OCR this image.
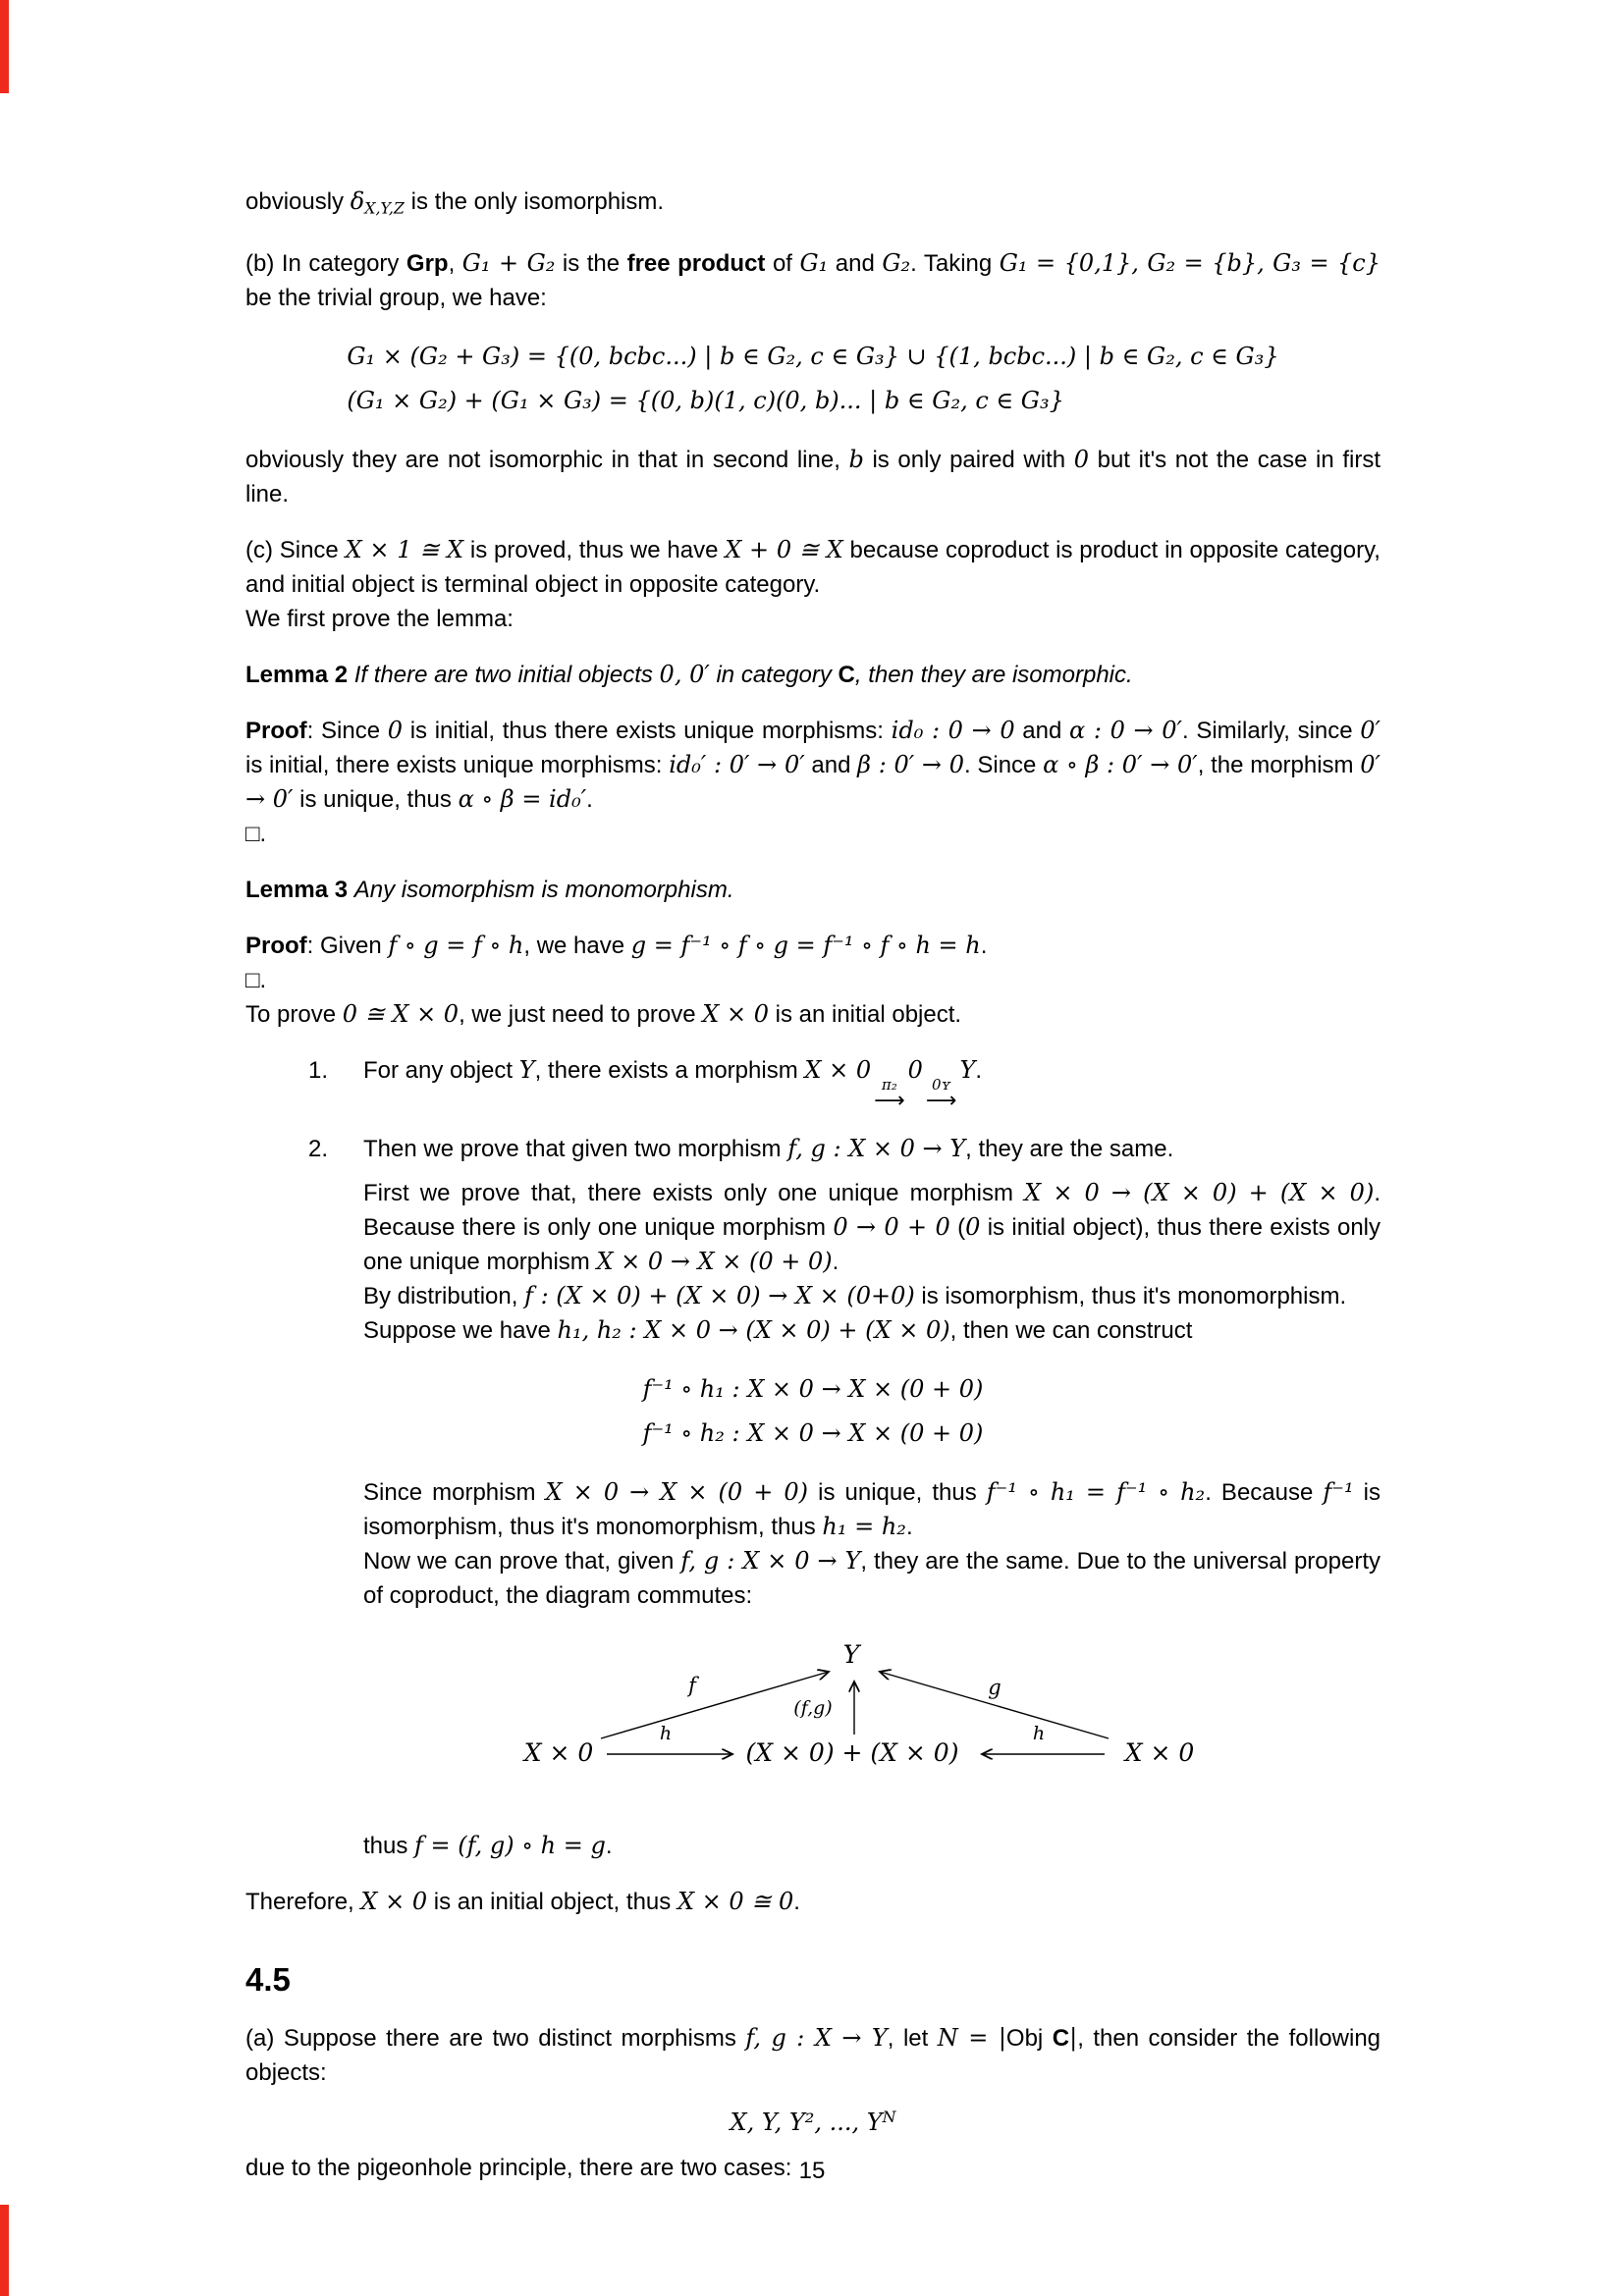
obviously δX,Y,Z is the only isomorphism.
(b) In category Grp, G₁ + G₂ is the free product of G₁ and G₂. Taking G₁ = {0,1}, G₂ = {b}, G₃ = {c} be the trivial group, we have:
G₁ × (G₂ + G₃) = {(0, bcbc...) | b ∈ G₂, c ∈ G₃} ∪ {(1, bcbc...) | b ∈ G₂, c ∈ G₃}
(G₁ × G₂) + (G₁ × G₃) = {(0, b)(1, c)(0, b)... | b ∈ G₂, c ∈ G₃}
obviously they are not isomorphic in that in second line, b is only paired with 0 but it's not the case in first line.
(c) Since X × 1 ≅ X is proved, thus we have X + 0 ≅ X because coproduct is product in opposite category, and initial object is terminal object in opposite category.
We first prove the lemma:
Lemma 2 If there are two initial objects 0, 0′ in category C, then they are isomorphic.
Proof: Since 0 is initial, thus there exists unique morphisms: id₀ : 0 → 0 and α : 0 → 0′. Similarly, since 0′ is initial, there exists unique morphisms: id₀′ : 0′ → 0′ and β : 0′ → 0. Since α ∘ β : 0′ → 0′, the morphism 0′ → 0′ is unique, thus α ∘ β = id₀′.
□.
Lemma 3 Any isomorphism is monomorphism.
Proof: Given f ∘ g = f ∘ h, we have g = f⁻¹ ∘ f ∘ g = f⁻¹ ∘ f ∘ h = h.
□.
To prove 0 ≅ X × 0, we just need to prove X × 0 is an initial object.
1.	For any object Y, there exists a morphism X × 0
π₂
⟶
0
0ʏ
⟶
Y.
2.	Then we prove that given two morphism f, g : X × 0 → Y, they are the same.
First we prove that, there exists only one unique morphism X × 0 → (X × 0) + (X × 0). Because there is only one unique morphism 0 → 0 + 0 (0 is initial object), thus there exists only one unique morphism X × 0 → X × (0 + 0).
By distribution, f : (X × 0) + (X × 0) → X × (0+0) is isomorphism, thus it's monomorphism.
Suppose we have h₁, h₂ : X × 0 → (X × 0) + (X × 0), then we can construct
f⁻¹ ∘ h₁ : X × 0 → X × (0 + 0)
f⁻¹ ∘ h₂ : X × 0 → X × (0 + 0)
Since morphism X × 0 → X × (0 + 0) is unique, thus f⁻¹ ∘ h₁ = f⁻¹ ∘ h₂. Because f⁻¹ is isomorphism, thus it's monomorphism, thus h₁ = h₂.
Now we can prove that, given f, g : X × 0 → Y, they are the same. Due to the universal property of coproduct, the diagram commutes:
Y
X × 0	(X × 0) + (X × 0)	X × 0
f	g
(f,g)
h	h
thus f = (f, g) ∘ h = g.
Therefore, X × 0 is an initial object, thus X × 0 ≅ 0.
4.5
(a) Suppose there are two distinct morphisms f, g : X → Y, let N = |Obj C|, then consider the following objects:
X, Y, Y², ..., $Y^N$
due to the pigeonhole principle, there are two cases: 15
